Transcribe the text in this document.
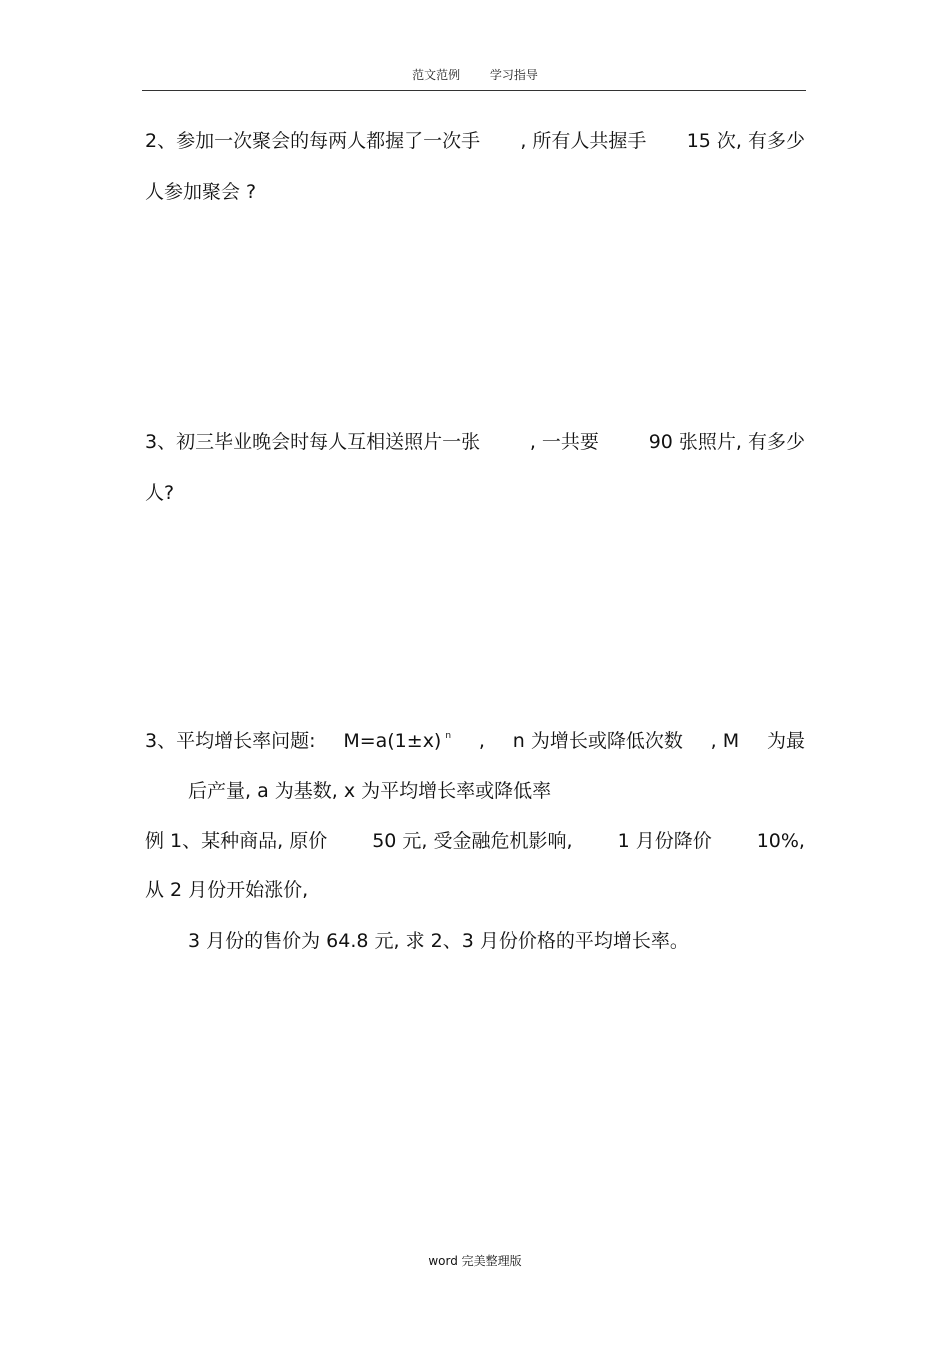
范文范例 学习指导
2、参加一次聚会的每两人都握了一次手 , 所有人共握手 15 次, 有多少
人参加聚会 ?
3、初三毕业晚会时每人互相送照片一张	, 一共要	90 张照片, 有多少
人?
3、平均增长率问题: M=a(1±x) $^n$ , n 为增长或降低次数 , M 为最
后产量, a 为基数, x 为平均增长率或降低率
例 1、某种商品, 原价 50 元, 受金融危机影响, 1 月份降价 10%,
从 2 月份开始涨价,
3 月份的售价为 64.8 元, 求 2、3 月份价格的平均增长率。
word 完美整理版
